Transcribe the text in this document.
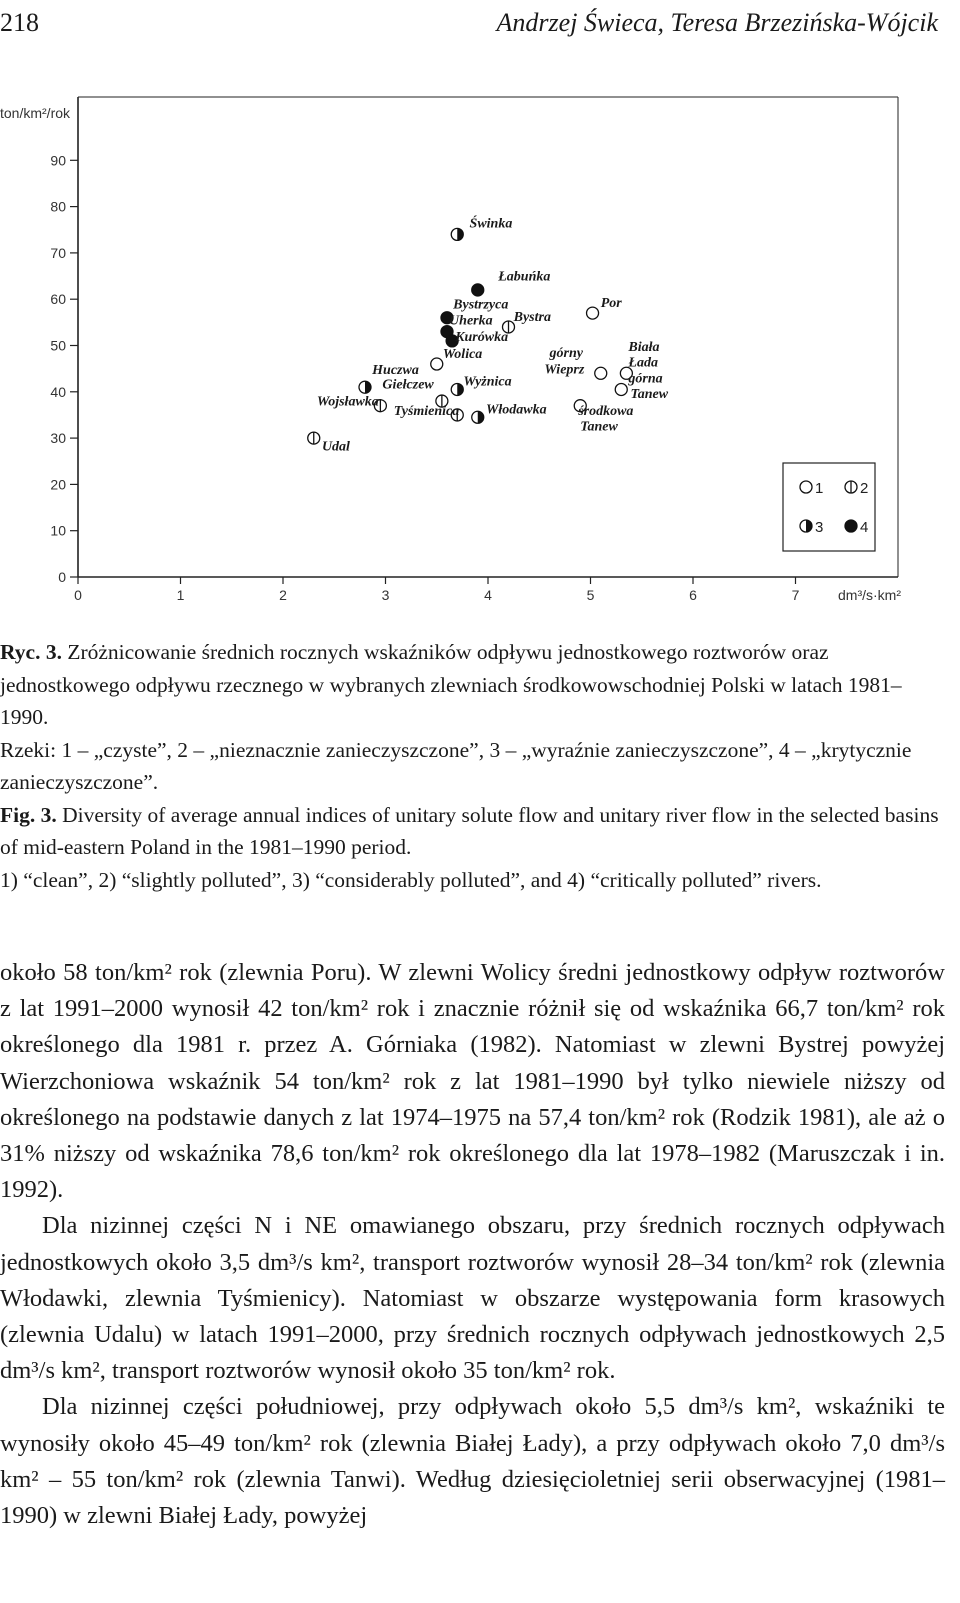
218	Andrzej Świeca, Teresa Brzezińska-Wójcik
0
10
20
30
40
50
60
70
80
90
0	1	2	3	4	5	6	7
ton/km²/rok
dm³/s·km²
Świnka
Łabuńka
Bystrzyca
Uherka Bystra
Kurówka
Por
Wolica	górny
Wieprz
Biała
Łada
górna
Tanew
Huczwa
Giełczew Wyżnica
Wojsławka
Tyśmienica Włodawka środkowa
Tanew
Udal
1 2
3 4

Ryc. 3. Zróżnicowanie średnich rocznych wskaźników odpływu jednostkowego roztworów oraz jednostkowego odpływu rzecznego w wybranych zlewniach środkowowschodniej Polski w latach 1981–1990.

Rzeki: 1 – „czyste”, 2 – „nieznacznie zanieczyszczone”, 3 – „wyraźnie zanieczyszczone”, 4 – „krytycznie zanieczyszczone”.

Fig. 3. Diversity of average annual indices of unitary solute flow and unitary river flow in the selected basins of mid-eastern Poland in the 1981–1990 period.

1) “clean”, 2) “slightly polluted”, 3) “considerably polluted”, and 4) “critically polluted” rivers.

około 58 ton/km² rok (zlewnia Poru). W zlewni Wolicy średni jednostkowy odpływ roztworów z lat 1991–2000 wynosił 42 ton/km² rok i znacznie różnił się od wskaźnika 66,7 ton/km² rok określonego dla 1981 r. przez A. Górniaka (1982). Natomiast w zlewni Bystrej powyżej Wierzchoniowa wskaźnik 54 ton/km² rok z lat 1981–1990 był tylko niewiele niższy od określonego na podstawie danych z lat 1974–1975 na 57,4 ton/km² rok (Rodzik 1981), ale aż o 31% niższy od wskaźnika 78,6 ton/km² rok określonego dla lat 1978–1982 (Maruszczak i in. 1992).

Dla nizinnej części N i NE omawianego obszaru, przy średnich rocznych odpływach jednostkowych około 3,5 dm³/s km², transport roztworów wynosił 28–34 ton/km² rok (zlewnia Włodawki, zlewnia Tyśmienicy). Natomiast w obszarze występowania form krasowych (zlewnia Udalu) w latach 1991–2000, przy średnich rocznych odpływach jednostkowych 2,5 dm³/s km², transport roztworów wynosił około 35 ton/km² rok.

Dla nizinnej części południowej, przy odpływach około 5,5 dm³/s km², wskaźniki te wynosiły około 45–49 ton/km² rok (zlewnia Białej Łady), a przy odpływach około 7,0 dm³/s km² – 55 ton/km² rok (zlewnia Tanwi). Według dziesięcioletniej serii obserwacyjnej (1981–1990) w zlewni Białej Łady, powyżej
